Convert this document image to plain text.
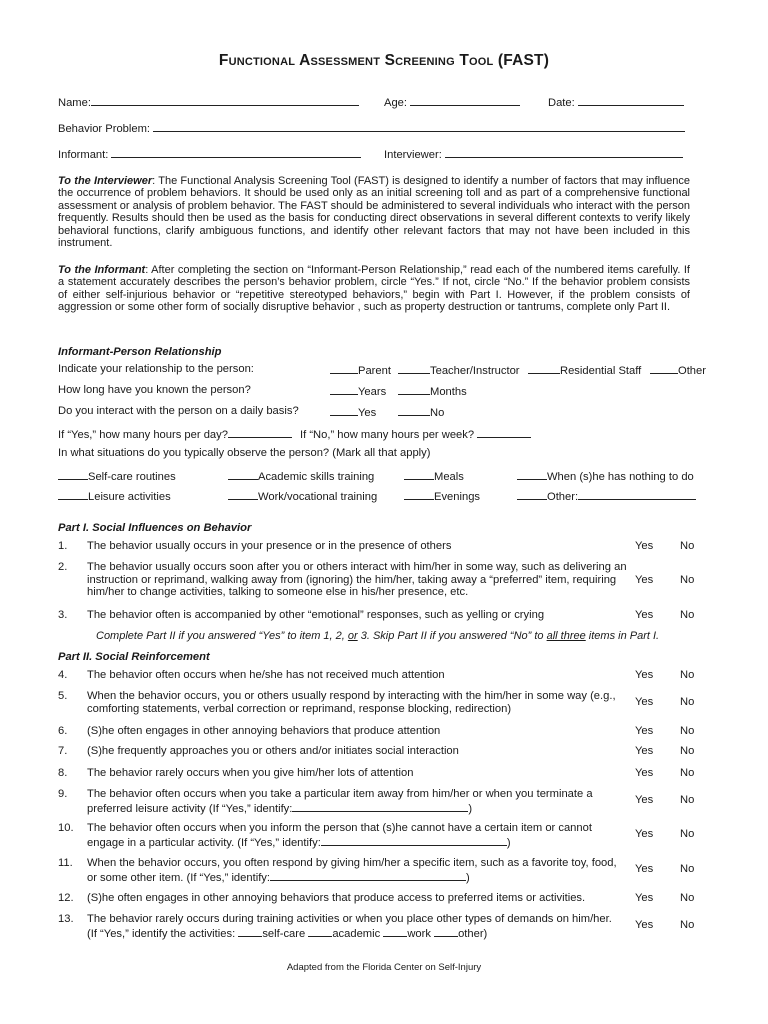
Functional Assessment Screening Tool (FAST)
Name:	Age:	Date:
Behavior Problem:
Informant:	Interviewer:
To the Interviewer: The Functional Analysis Screening Tool (FAST) is designed to identify a number of factors that may influence the occurrence of problem behaviors. It should be used only as an initial screening toll and as part of a comprehensive functional assessment or analysis of problem behavior. The FAST should be administered to several individuals who interact with the person frequently. Results should then be used as the basis for conducting direct observations in several different contexts to verify likely behavioral functions, clarify ambiguous functions, and identify other relevant factors that may not have been included in this instrument.
To the Informant: After completing the section on “Informant-Person Relationship,” read each of the numbered items carefully. If a statement accurately describes the person’s behavior problem, circle “Yes.” If not, circle “No.” If the behavior problem consists of either self-injurious behavior or “repetitive stereotyped behaviors,” begin with Part I. However, if the problem consists of aggression or some other form of socially disruptive behavior , such as property destruction or tantrums, complete only Part II.
Informant-Person Relationship
Indicate your relationship to the person:	Parent	Teacher/Instructor	Residential Staff	Other
How long have you known the person?	Years	Months
Do you interact with the person on a daily basis?	Yes	No
If “Yes,” how many hours per day?	If “No,” how many hours per week?
In what situations do you typically observe the person? (Mark all that apply)
Self-care routines	Academic skills training	Meals	When (s)he has nothing to do
Leisure activities	Work/vocational training	Evenings	Other:
Part I. Social Influences on Behavior
1. The behavior usually occurs in your presence or in the presence of others	Yes No
2. The behavior usually occurs soon after you or others interact with him/her in some way, such as delivering an instruction or reprimand, walking away from (ignoring) the him/her, taking away a “preferred” item, requiring him/her to change activities, talking to someone else in his/her presence, etc.
Yes No
3. The behavior often is accompanied by other “emotional” responses, such as yelling or crying	Yes No
Complete Part II if you answered “Yes” to item 1, 2, or 3. Skip Part II if you answered “No” to all three items in Part I.
Part II. Social Reinforcement
4. The behavior often occurs when he/she has not received much attention	Yes No
5. When the behavior occurs, you or others usually respond by interacting with the him/her in some way (e.g., comforting statements, verbal correction or reprimand, response blocking, redirection)
Yes No
6. (S)he often engages in other annoying behaviors that produce attention	Yes No
7. (S)he frequently approaches you or others and/or initiates social interaction	Yes No
8. The behavior rarely occurs when you give him/her lots of attention	Yes No
9. The behavior often occurs when you take a particular item away from him/her or when you terminate a preferred leisure activity (If “Yes,” identify:	)
Yes No
10. The behavior often occurs when you inform the person that (s)he cannot have a certain item or cannot engage in a particular activity. (If “Yes,” identify:	)
Yes No
11. When the behavior occurs, you often respond by giving him/her a specific item, such as a favorite toy, food, or some other item. (If “Yes,” identify:	)
Yes No
12. (S)he often engages in other annoying behaviors that produce access to preferred items or activities.	Yes No
13. The behavior rarely occurs during training activities or when you place other types of demands on him/her.
(If “Yes,” identify the activities: self-care academic work other)
Yes No
Adapted from the Florida Center on Self-Injury
